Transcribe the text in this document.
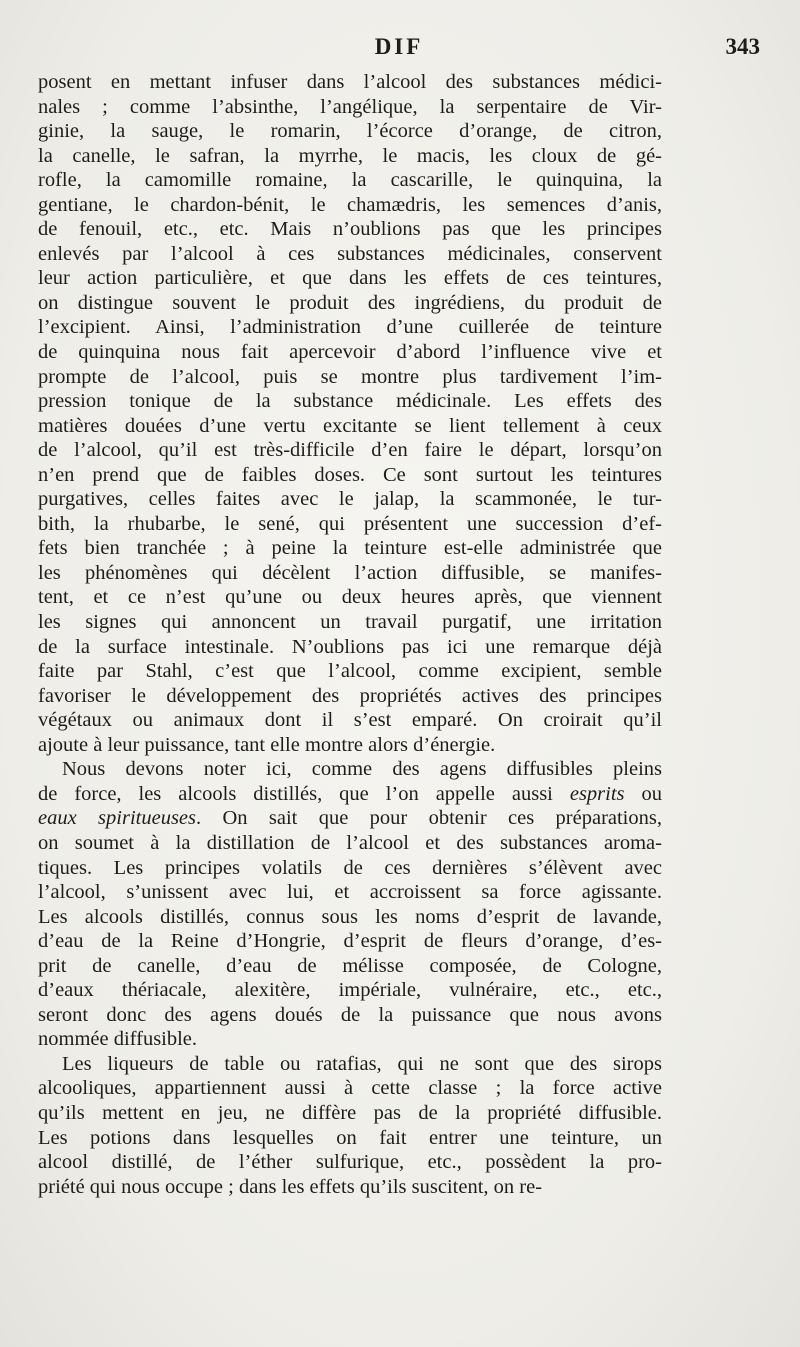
DIF	343
posent en mettant infuser dans l’alcool des substances médici-
nales ; comme l’absinthe, l’angélique, la serpentaire de Vir-
ginie, la sauge, le romarin, l’écorce d’orange, de citron,
la canelle, le safran, la myrrhe, le macis, les cloux de gé-
rofle, la camomille romaine, la cascarille, le quinquina, la
gentiane, le chardon-bénit, le chamædris, les semences d’anis,
de fenouil, etc., etc. Mais n’oublions pas que les principes
enlevés par l’alcool à ces substances médicinales, conservent
leur action particulière, et que dans les effets de ces teintures,
on distingue souvent le produit des ingrédiens, du produit de
l’excipient. Ainsi, l’administration d’une cuillerée de teinture
de quinquina nous fait apercevoir d’abord l’influence vive et
prompte de l’alcool, puis se montre plus tardivement l’im-
pression tonique de la substance médicinale. Les effets des
matières douées d’une vertu excitante se lient tellement à ceux
de l’alcool, qu’il est très-difficile d’en faire le départ, lorsqu’on
n’en prend que de faibles doses. Ce sont surtout les teintures
purgatives, celles faites avec le jalap, la scammonée, le tur-
bith, la rhubarbe, le sené, qui présentent une succession d’ef-
fets bien tranchée ; à peine la teinture est-elle administrée que
les phénomènes qui décèlent l’action diffusible, se manifes-
tent, et ce n’est qu’une ou deux heures après, que viennent
les signes qui annoncent un travail purgatif, une irritation
de la surface intestinale. N’oublions pas ici une remarque déjà
faite par Stahl, c’est que l’alcool, comme excipient, semble
favoriser le développement des propriétés actives des principes
végétaux ou animaux dont il s’est emparé. On croirait qu’il
ajoute à leur puissance, tant elle montre alors d’énergie.
Nous devons noter ici, comme des agens diffusibles pleins
de force, les alcools distillés, que l’on appelle aussi esprits ou
eaux spiritueuses. On sait que pour obtenir ces préparations,
on soumet à la distillation de l’alcool et des substances aroma-
tiques. Les principes volatils de ces dernières s’élèvent avec
l’alcool, s’unissent avec lui, et accroissent sa force agissante.
Les alcools distillés, connus sous les noms d’esprit de lavande,
d’eau de la Reine d’Hongrie, d’esprit de fleurs d’orange, d’es-
prit de canelle, d’eau de mélisse composée, de Cologne,
d’eaux thériacale, alexitère, impériale, vulnéraire, etc., etc.,
seront donc des agens doués de la puissance que nous avons
nommée diffusible.
Les liqueurs de table ou ratafias, qui ne sont que des sirops
alcooliques, appartiennent aussi à cette classe ; la force active
qu’ils mettent en jeu, ne diffère pas de la propriété diffusible.
Les potions dans lesquelles on fait entrer une teinture, un
alcool distillé, de l’éther sulfurique, etc., possèdent la pro-
priété qui nous occupe ; dans les effets qu’ils suscitent, on re-
